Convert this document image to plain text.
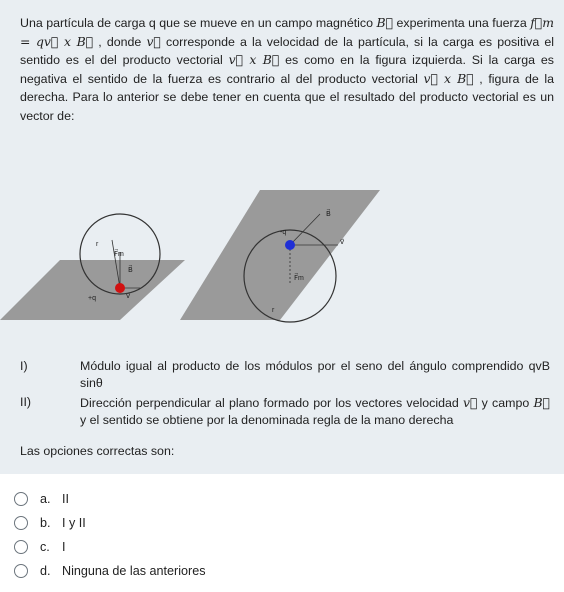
Una partícula de carga q que se mueve en un campo magnético B⃗ experimenta una fuerza f⃗m = qv⃗ x B⃗ , donde v⃗ corresponde a la velocidad de la partícula, si la carga es positiva el sentido es el del producto vectorial v⃗ x B⃗ es como en la figura izquierda. Si la carga es negativa el sentido de la fuerza es contrario al del producto vectorial v⃗ x B⃗ , figura de la derecha. Para lo anterior se debe tener en cuenta que el resultado del producto vectorial es un vector de:
r
F⃗m
B⃗
v⃗
+q
B⃗
-q
v⃗
F⃗m
r
I)	Módulo igual al producto de los módulos por el seno del ángulo comprendido qvB sinθ
II)	Dirección perpendicular al plano formado por los vectores velocidad v⃗ y campo B⃗ y el sentido se obtiene por la denominada regla de la mano derecha
Las opciones correctas son:
a. II
b. I y II
c. I
d. Ninguna de las anteriores
